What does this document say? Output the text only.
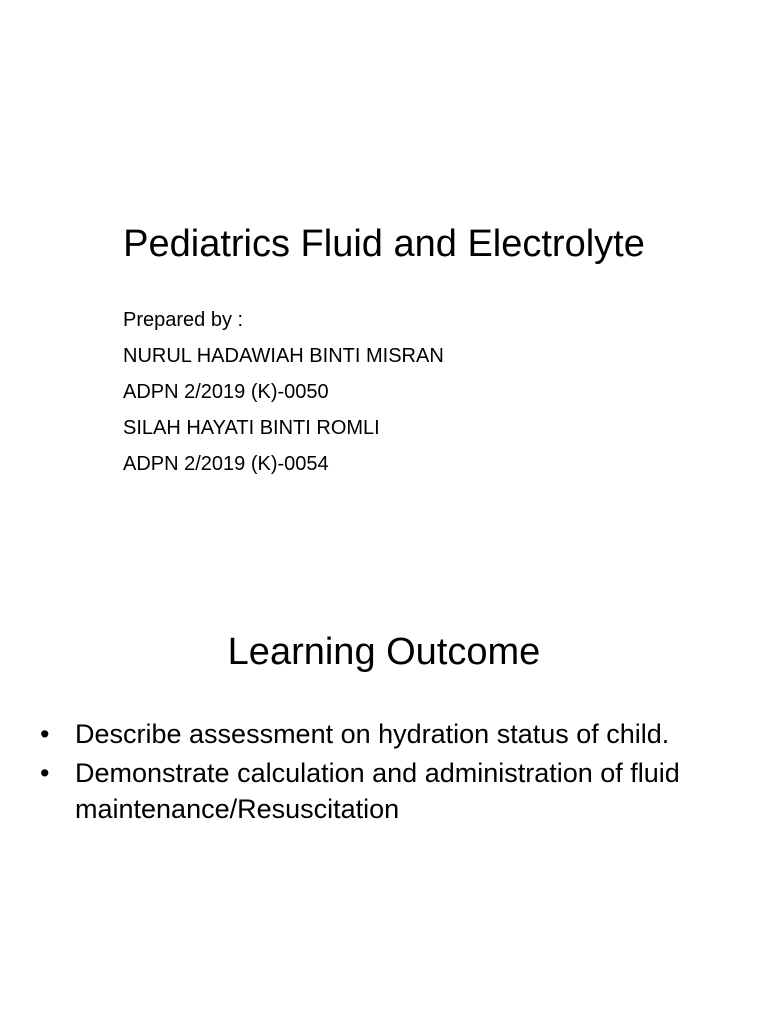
Pediatrics Fluid and Electrolyte
Prepared by :
NURUL HADAWIAH BINTI MISRAN
ADPN 2/2019 (K)-0050
SILAH HAYATI BINTI ROMLI
ADPN 2/2019 (K)-0054
Learning Outcome
• Describe assessment on hydration status of child.
• Demonstrate calculation and administration of fluid maintenance/Resuscitation
